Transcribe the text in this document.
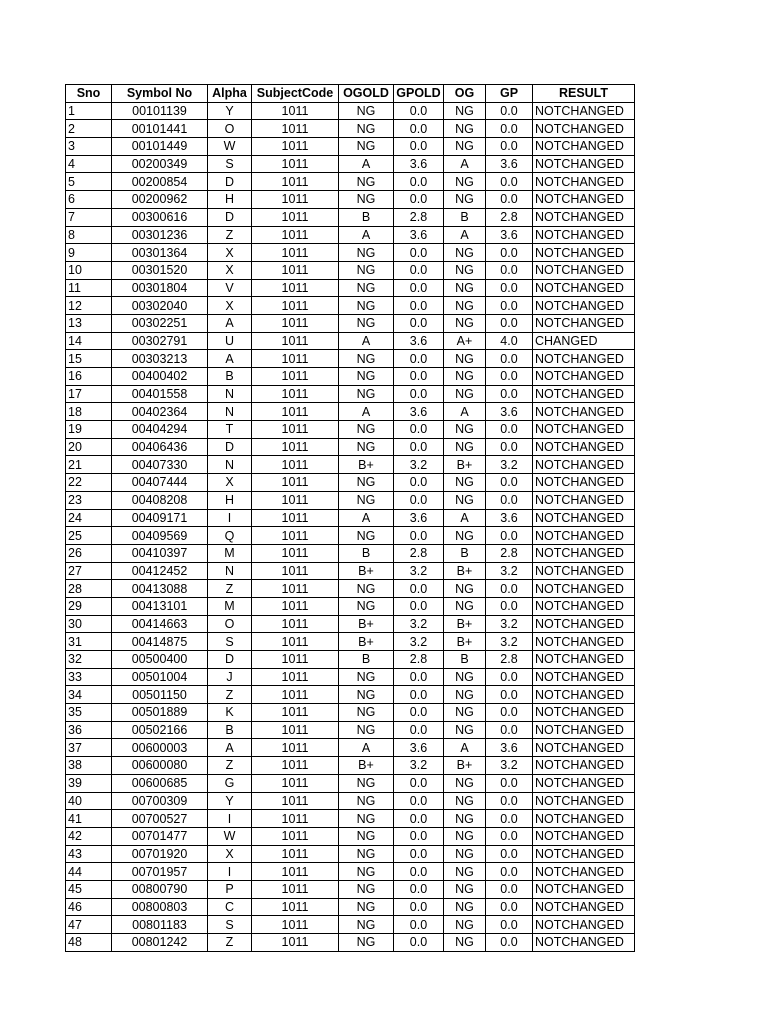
Sno	Symbol No	Alpha	SubjectCode	OGOLD	GPOLD	OG	GP	RESULT
1	00101139	Y	1011	NG	0.0	NG	0.0	NOTCHANGED
2	00101441	O	1011	NG	0.0	NG	0.0	NOTCHANGED
3	00101449	W	1011	NG	0.0	NG	0.0	NOTCHANGED
4	00200349	S	1011	A	3.6	A	3.6	NOTCHANGED
5	00200854	D	1011	NG	0.0	NG	0.0	NOTCHANGED
6	00200962	H	1011	NG	0.0	NG	0.0	NOTCHANGED
7	00300616	D	1011	B	2.8	B	2.8	NOTCHANGED
8	00301236	Z	1011	A	3.6	A	3.6	NOTCHANGED
9	00301364	X	1011	NG	0.0	NG	0.0	NOTCHANGED
10	00301520	X	1011	NG	0.0	NG	0.0	NOTCHANGED
11	00301804	V	1011	NG	0.0	NG	0.0	NOTCHANGED
12	00302040	X	1011	NG	0.0	NG	0.0	NOTCHANGED
13	00302251	A	1011	NG	0.0	NG	0.0	NOTCHANGED
14	00302791	U	1011	A	3.6	A+	4.0	CHANGED
15	00303213	A	1011	NG	0.0	NG	0.0	NOTCHANGED
16	00400402	B	1011	NG	0.0	NG	0.0	NOTCHANGED
17	00401558	N	1011	NG	0.0	NG	0.0	NOTCHANGED
18	00402364	N	1011	A	3.6	A	3.6	NOTCHANGED
19	00404294	T	1011	NG	0.0	NG	0.0	NOTCHANGED
20	00406436	D	1011	NG	0.0	NG	0.0	NOTCHANGED
21	00407330	N	1011	B+	3.2	B+	3.2	NOTCHANGED
22	00407444	X	1011	NG	0.0	NG	0.0	NOTCHANGED
23	00408208	H	1011	NG	0.0	NG	0.0	NOTCHANGED
24	00409171	I	1011	A	3.6	A	3.6	NOTCHANGED
25	00409569	Q	1011	NG	0.0	NG	0.0	NOTCHANGED
26	00410397	M	1011	B	2.8	B	2.8	NOTCHANGED
27	00412452	N	1011	B+	3.2	B+	3.2	NOTCHANGED
28	00413088	Z	1011	NG	0.0	NG	0.0	NOTCHANGED
29	00413101	M	1011	NG	0.0	NG	0.0	NOTCHANGED
30	00414663	O	1011	B+	3.2	B+	3.2	NOTCHANGED
31	00414875	S	1011	B+	3.2	B+	3.2	NOTCHANGED
32	00500400	D	1011	B	2.8	B	2.8	NOTCHANGED
33	00501004	J	1011	NG	0.0	NG	0.0	NOTCHANGED
34	00501150	Z	1011	NG	0.0	NG	0.0	NOTCHANGED
35	00501889	K	1011	NG	0.0	NG	0.0	NOTCHANGED
36	00502166	B	1011	NG	0.0	NG	0.0	NOTCHANGED
37	00600003	A	1011	A	3.6	A	3.6	NOTCHANGED
38	00600080	Z	1011	B+	3.2	B+	3.2	NOTCHANGED
39	00600685	G	1011	NG	0.0	NG	0.0	NOTCHANGED
40	00700309	Y	1011	NG	0.0	NG	0.0	NOTCHANGED
41	00700527	I	1011	NG	0.0	NG	0.0	NOTCHANGED
42	00701477	W	1011	NG	0.0	NG	0.0	NOTCHANGED
43	00701920	X	1011	NG	0.0	NG	0.0	NOTCHANGED
44	00701957	I	1011	NG	0.0	NG	0.0	NOTCHANGED
45	00800790	P	1011	NG	0.0	NG	0.0	NOTCHANGED
46	00800803	C	1011	NG	0.0	NG	0.0	NOTCHANGED
47	00801183	S	1011	NG	0.0	NG	0.0	NOTCHANGED
48	00801242	Z	1011	NG	0.0	NG	0.0	NOTCHANGED
